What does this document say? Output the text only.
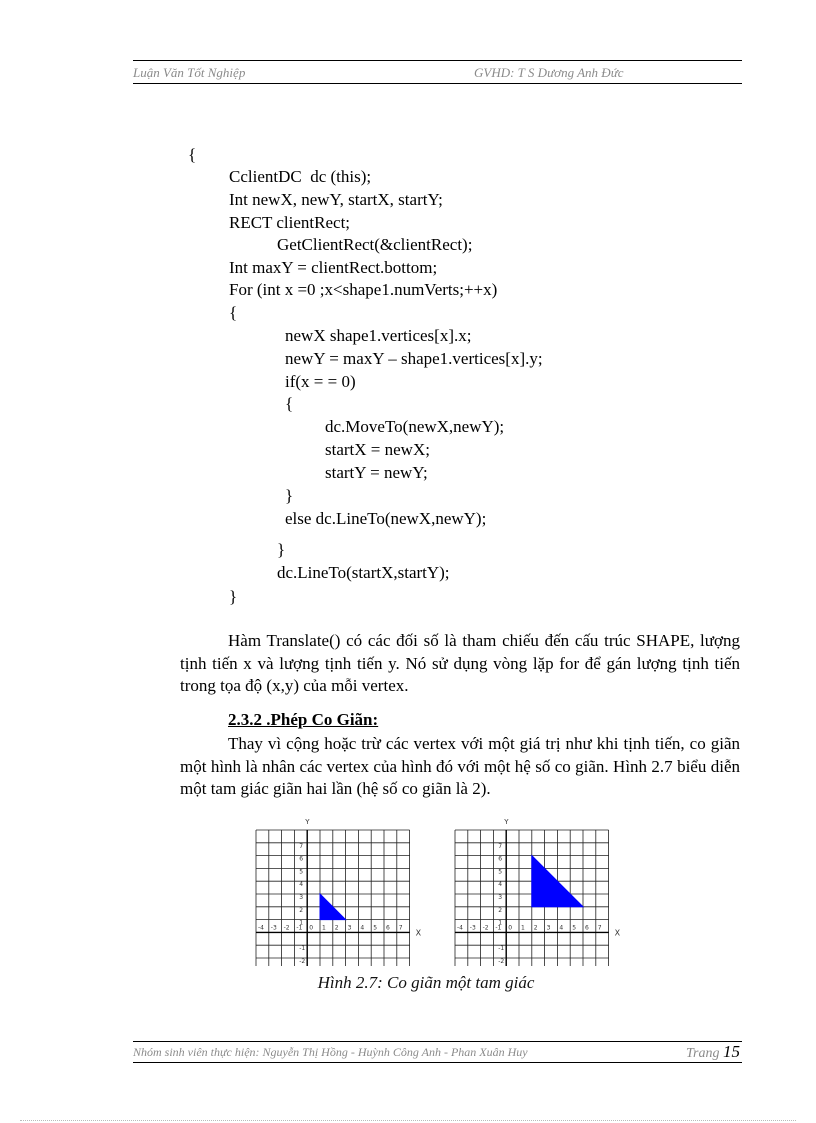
Luận Văn Tốt Nghiệp	GVHD: T S Dương Anh Đức
{
CclientDC  dc (this);
Int newX, newY, startX, startY;
RECT clientRect;
GetClientRect(&clientRect);
Int maxY = clientRect.bottom;
For (int x =0 ;x<shape1.numVerts;++x)
{
newX shape1.vertices[x].x;
newY = maxY – shape1.vertices[x].y;
if(x = = 0)
{
dc.MoveTo(newX,newY);
startX = newX;
startY = newY;
}
else dc.LineTo(newX,newY);
}
dc.LineTo(startX,startY);
}
Hàm Translate() có các đối số là tham chiếu đến cấu trúc SHAPE, lượng tịnh tiến x và lượng tịnh tiến y. Nó sử dụng vòng lặp for để gán lượng tịnh tiến trong tọa độ (x,y) của mỗi vertex.
2.3.2 .Phép Co Giãn:
Thay vì cộng hoặc trừ các vertex với một giá trị như khi tịnh tiến, co giãn một hình là nhân các vertex của hình đó với một hệ số co giãn. Hình 2.7 biểu diễn một tam giác giãn hai lần (hệ số co giãn là 2).
-4 -3 -2 -1 0 1 2 3 4 5 6 7
7
6
5
4
3
2
1
-1
-2
X
Y
-4 -3 -2 -1 0 1 2 3 4 5 6 7
7
6
5
4
3
2
1
-1
-2
X
Y
Hình 2.7: Co giãn một tam giác
Nhóm sinh viên thực hiện: Nguyễn Thị Hồng - Huỳnh Công Anh - Phan Xuân Huy	Trang 15
